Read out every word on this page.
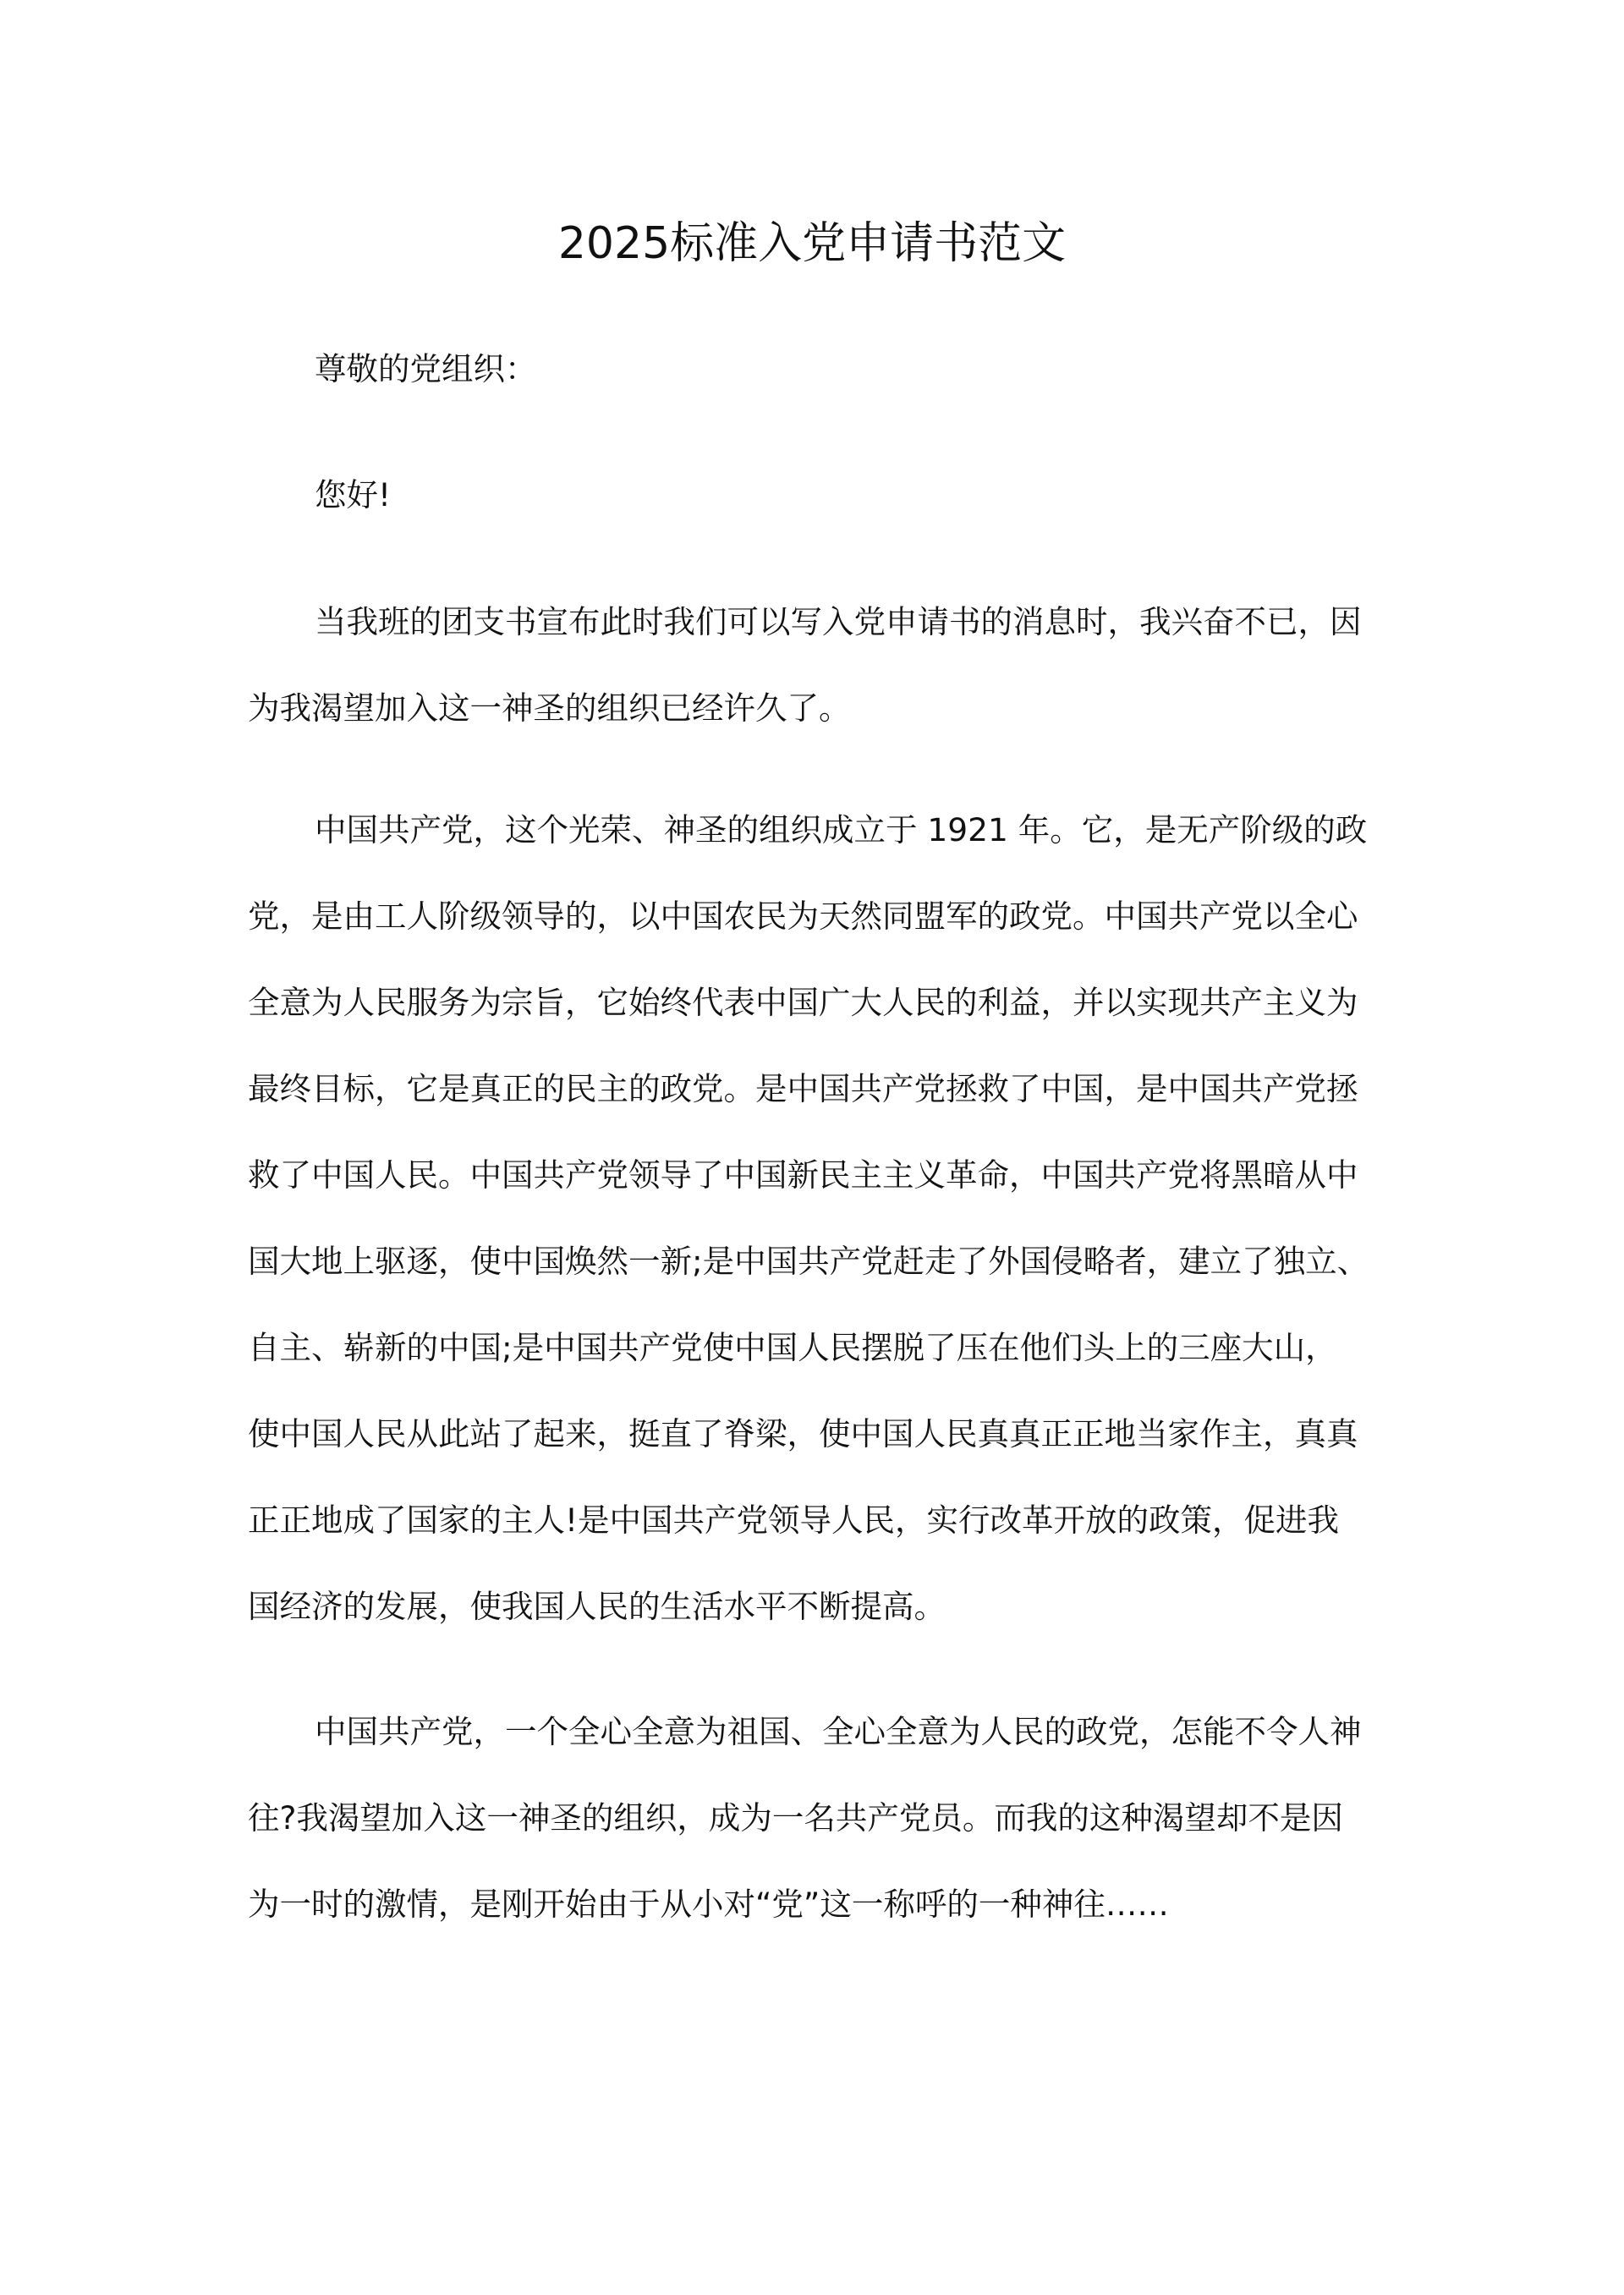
2025标准入党申请书范文
尊敬的党组织：
您好!
当我班的团支书宣布此时我们可以写入党申请书的消息时，我兴奋不已，因
为我渴望加入这一神圣的组织已经许久了。
中国共产党，这个光荣、神圣的组织成立于 1921 年。它，是无产阶级的政
党，是由工人阶级领导的，以中国农民为天然同盟军的政党。中国共产党以全心
全意为人民服务为宗旨，它始终代表中国广大人民的利益，并以实现共产主义为
最终目标，它是真正的民主的政党。是中国共产党拯救了中国，是中国共产党拯
救了中国人民。中国共产党领导了中国新民主主义革命，中国共产党将黑暗从中
国大地上驱逐，使中国焕然一新;是中国共产党赶走了外国侵略者，建立了独立、
自主、崭新的中国;是中国共产党使中国人民摆脱了压在他们头上的三座大山，
使中国人民从此站了起来，挺直了脊梁，使中国人民真真正正地当家作主，真真
正正地成了国家的主人!是中国共产党领导人民，实行改革开放的政策，促进我
国经济的发展，使我国人民的生活水平不断提高。
中国共产党，一个全心全意为祖国、全心全意为人民的政党，怎能不令人神
往?我渴望加入这一神圣的组织，成为一名共产党员。而我的这种渴望却不是因
为一时的激情，是刚开始由于从小对“党”这一称呼的一种神往……
